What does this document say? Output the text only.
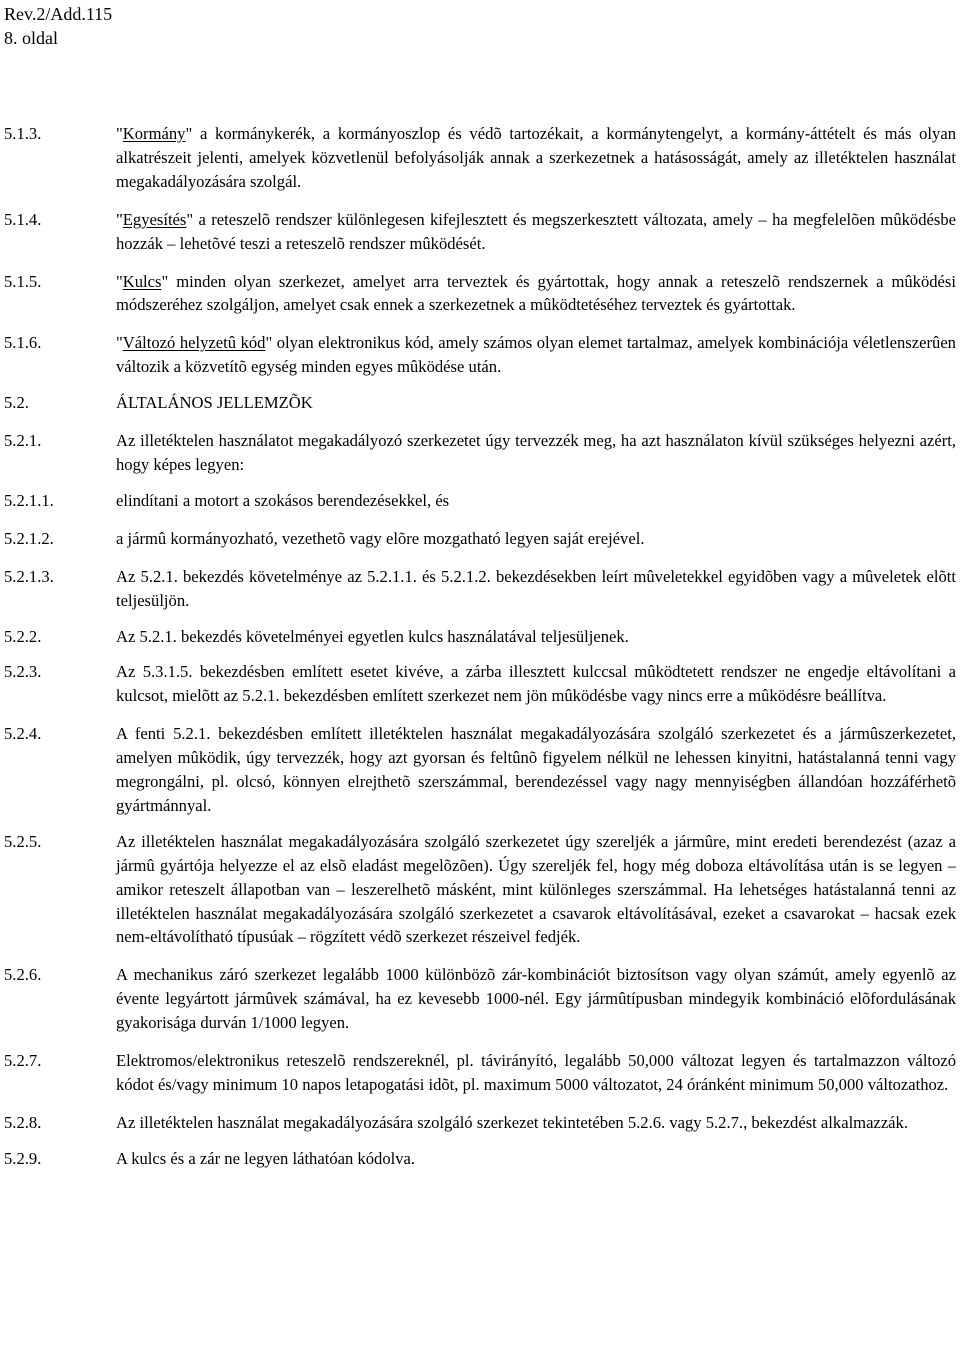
Rev.2/Add.115
8. oldal
5.1.3.	"Kormány" a kormánykerék, a kormányoszlop és védõ tartozékait, a kormánytengelyt, a kormány-áttételt és más olyan alkatrészeit jelenti, amelyek közvetlenül befolyásolják annak a szerkezetnek a hatásosságát, amely az illetéktelen használat megakadályozására szolgál.
5.1.4.	"Egyesítés" a reteszelõ rendszer különlegesen kifejlesztett és megszerkesztett változata, amely – ha megfelelõen mûködésbe hozzák – lehetõvé teszi a reteszelõ rendszer mûködését.
5.1.5.	"Kulcs" minden olyan szerkezet, amelyet arra terveztek és gyártottak, hogy annak a reteszelõ rendszernek a mûködési módszeréhez szolgáljon, amelyet csak ennek a szerkezetnek a mûködtetéséhez terveztek és gyártottak.
5.1.6.	"Változó helyzetû kód" olyan elektronikus kód, amely számos olyan elemet tartalmaz, amelyek kombinációja véletlenszerûen változik a közvetítõ egység minden egyes mûködése után.
5.2.	ÁLTALÁNOS JELLEMZÕK
5.2.1.	Az illetéktelen használatot megakadályozó szerkezetet úgy tervezzék meg, ha azt használaton kívül szükséges helyezni azért, hogy képes legyen:
5.2.1.1.	elindítani a motort a szokásos berendezésekkel, és
5.2.1.2.	a jármû kormányozható, vezethetõ vagy elõre mozgatható legyen saját erejével.
5.2.1.3.	Az 5.2.1. bekezdés követelménye az 5.2.1.1. és 5.2.1.2. bekezdésekben leírt mûveletekkel egyidõben vagy a mûveletek elõtt teljesüljön.
5.2.2.	Az 5.2.1. bekezdés követelményei egyetlen kulcs használatával teljesüljenek.
5.2.3.	Az 5.3.1.5. bekezdésben említett esetet kivéve, a zárba illesztett kulccsal mûködtetett rendszer ne engedje eltávolítani a kulcsot, mielõtt az 5.2.1. bekezdésben említett szerkezet nem jön mûködésbe vagy nincs erre a mûködésre beállítva.
5.2.4.	A fenti 5.2.1. bekezdésben említett illetéktelen használat megakadályozására szolgáló szerkezetet és a jármûszerkezetet, amelyen mûködik, úgy tervezzék, hogy azt gyorsan és feltûnõ figyelem nélkül ne lehessen kinyitni, hatástalanná tenni vagy megrongálni, pl. olcsó, könnyen elrejthetõ szerszámmal, berendezéssel vagy nagy mennyiségben állandóan hozzáférhetõ gyártmánnyal.
5.2.5.	Az illetéktelen használat megakadályozására szolgáló szerkezetet úgy szereljék a jármûre, mint eredeti berendezést (azaz a jármû gyártója helyezze el az elsõ eladást megelõzõen). Úgy szereljék fel, hogy még doboza eltávolítása után is se legyen – amikor reteszelt állapotban van – leszerelhetõ másként, mint különleges szerszámmal. Ha lehetséges hatástalanná tenni az illetéktelen használat megakadályozására szolgáló szerkezetet a csavarok eltávolításával, ezeket a csavarokat – hacsak ezek nem-eltávolítható típusúak – rögzített védõ szerkezet részeivel fedjék.
5.2.6.	A mechanikus záró szerkezet legalább 1000 különbözõ zár-kombinációt biztosítson vagy olyan számút, amely egyenlõ az évente legyártott jármûvek számával, ha ez kevesebb 1000-nél. Egy jármûtípusban mindegyik kombináció elõfordulásának gyakorisága durván 1/1000 legyen.
5.2.7.	Elektromos/elektronikus reteszelõ rendszereknél, pl. távirányító, legalább 50,000 változat legyen és tartalmazzon változó kódot és/vagy minimum 10 napos letapogatási idõt, pl. maximum 5000 változatot, 24 óránként minimum 50,000 változathoz.
5.2.8.	Az illetéktelen használat megakadályozására szolgáló szerkezet tekintetében 5.2.6. vagy 5.2.7., bekezdést alkalmazzák.
5.2.9.	A kulcs és a zár ne legyen láthatóan kódolva.
